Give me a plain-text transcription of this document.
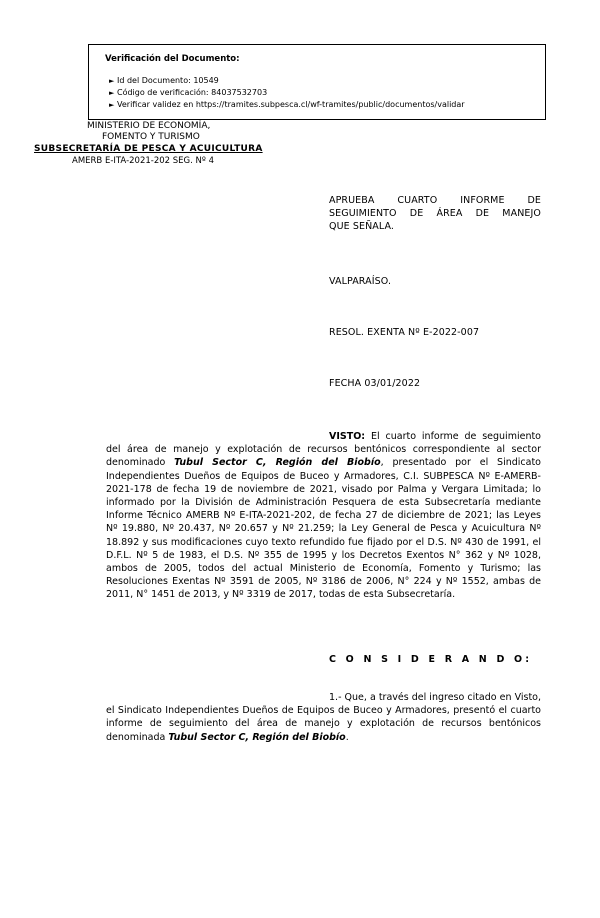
Verificación del Documento:
► Id del Documento: 10549
► Código de verificación: 84037532703
► Verificar validez en https://tramites.subpesca.cl/wf-tramites/public/documentos/validar
MINISTERIO DE ECONOMÍA,
FOMENTO Y TURISMO
SUBSECRETARÍA DE PESCA Y ACUICULTURA
AMERB E-ITA-2021-202 SEG. Nº 4
APRUEBA CUARTO INFORME DE
SEGUIMIENTO DE ÁREA DE MANEJO
QUE SEÑALA.
VALPARAÍSO.
RESOL. EXENTA Nº E-2022-007
FECHA 03/01/2022
VISTO: El cuarto informe de seguimiento del área de manejo y explotación de recursos bentónicos correspondiente al sector denominado Tubul Sector C, Región del Biobío, presentado por el Sindicato Independientes Dueños de Equipos de Buceo y Armadores, C.I. SUBPESCA Nº E-AMERB-2021-178 de fecha 19 de noviembre de 2021, visado por Palma y Vergara Limitada; lo informado por la División de Administración Pesquera de esta Subsecretaría mediante Informe Técnico AMERB Nº E-ITA-2021-202, de fecha 27 de diciembre de 2021; las Leyes Nº 19.880, Nº 20.437, Nº 20.657 y Nº 21.259; la Ley General de Pesca y Acuicultura Nº 18.892 y sus modificaciones cuyo texto refundido fue fijado por el D.S. Nº 430 de 1991, el D.F.L. Nº 5 de 1983, el D.S. Nº 355 de 1995 y los Decretos Exentos N° 362 y Nº 1028, ambos de 2005, todos del actual Ministerio de Economía, Fomento y Turismo; las Resoluciones Exentas Nº 3591 de 2005, Nº 3186 de 2006, N° 224 y Nº 1552, ambas de 2011, N° 1451 de 2013, y Nº 3319 de 2017, todas de esta Subsecretaría.
C O N S I D E R A N D O:
1.- Que, a través del ingreso citado en Visto, el Sindicato Independientes Dueños de Equipos de Buceo y Armadores, presentó el cuarto informe de seguimiento del área de manejo y explotación de recursos bentónicos denominada Tubul Sector C, Región del Biobío.
